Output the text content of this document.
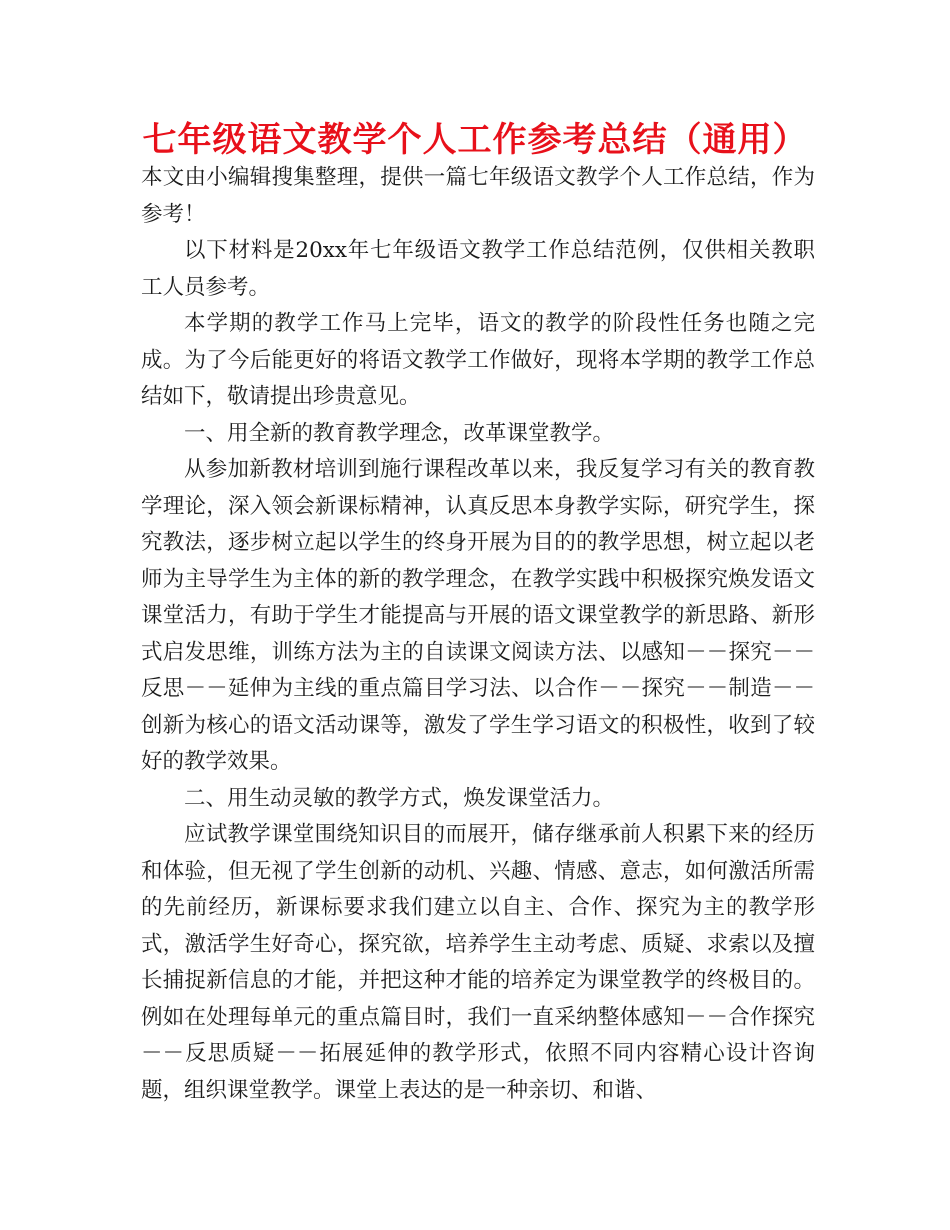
七年级语文教学个人工作参考总结（通用）

本文由小编辑搜集整理，提供一篇七年级语文教学个人工作总结，作为参考！

以下材料是20xx年七年级语文教学工作总结范例，仅供相关教职工人员参考。

本学期的教学工作马上完毕，语文的教学的阶段性任务也随之完成。为了今后能更好的将语文教学工作做好，现将本学期的教学工作总结如下，敬请提出珍贵意见。

一、用全新的教育教学理念，改革课堂教学。

从参加新教材培训到施行课程改革以来，我反复学习有关的教育教学理论，深入领会新课标精神，认真反思本身教学实际，研究学生，探究教法，逐步树立起以学生的终身开展为目的的教学思想，树立起以老师为主导学生为主体的新的教学理念，在教学实践中积极探究焕发语文课堂活力，有助于学生才能提高与开展的语文课堂教学的新思路、新形式启发思维，训练方法为主的自读课文阅读方法、以感知－－探究－－反思－－延伸为主线的重点篇目学习法、以合作－－探究－－制造－－创新为核心的语文活动课等，激发了学生学习语文的积极性，收到了较好的教学效果。

二、用生动灵敏的教学方式，焕发课堂活力。

应试教学课堂围绕知识目的而展开，储存继承前人积累下来的经历和体验，但无视了学生创新的动机、兴趣、情感、意志，如何激活所需的先前经历，新课标要求我们建立以自主、合作、探究为主的教学形式，激活学生好奇心，探究欲，培养学生主动考虑、质疑、求索以及擅长捕捉新信息的才能，并把这种才能的培养定为课堂教学的终极目的。例如在处理每单元的重点篇目时，我们一直采纳整体感知－－合作探究－－反思质疑－－拓展延伸的教学形式，依照不同内容精心设计咨询题，组织课堂教学。课堂上表达的是一种亲切、和谐、
